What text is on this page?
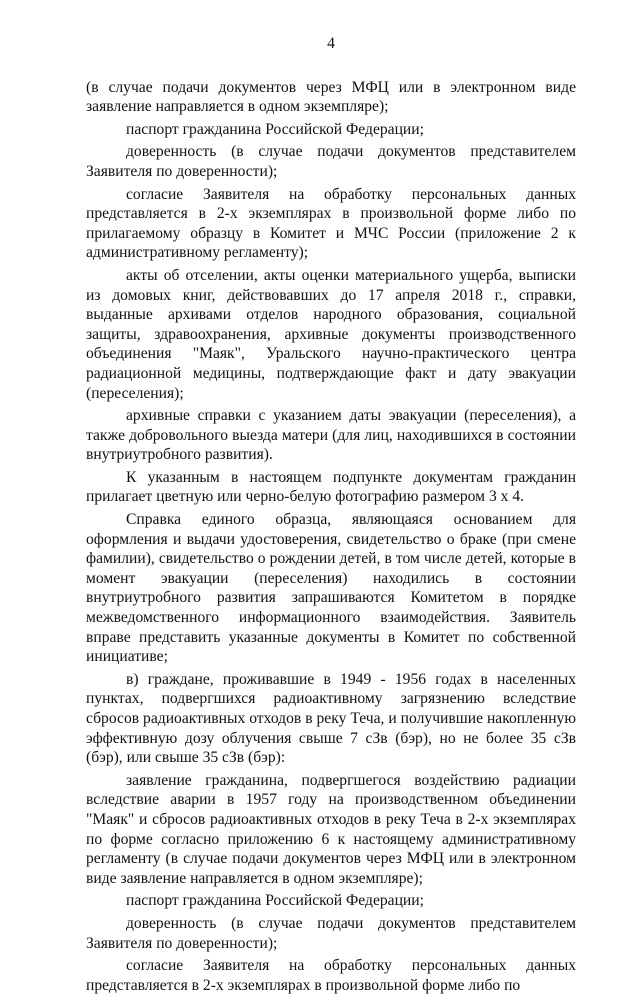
4

(в случае подачи документов через МФЦ или в электронном виде заявление направляется в одном экземпляре);

паспорт гражданина Российской Федерации;

доверенность (в случае подачи документов представителем Заявителя по доверенности);

согласие Заявителя на обработку персональных данных представляется в 2-х экземплярах в произвольной форме либо по прилагаемому образцу в Комитет и МЧС России (приложение 2 к административному регламенту);

акты об отселении, акты оценки материального ущерба, выписки из домовых книг, действовавших до 17 апреля 2018 г., справки, выданные архивами отделов народного образования, социальной защиты, здравоохранения, архивные документы производственного объединения "Маяк", Уральского научно-практического центра радиационной медицины, подтверждающие факт и дату эвакуации (переселения);

архивные справки с указанием даты эвакуации (переселения), а также добровольного выезда матери (для лиц, находившихся в состоянии внутриутробного развития).

К указанным в настоящем подпункте документам гражданин прилагает цветную или черно-белую фотографию размером 3 х 4.

Справка единого образца, являющаяся основанием для оформления и выдачи удостоверения, свидетельство о браке (при смене фамилии), свидетельство о рождении детей, в том числе детей, которые в момент эвакуации (переселения) находились в состоянии внутриутробного развития запрашиваются Комитетом в порядке межведомственного информационного взаимодействия. Заявитель вправе представить указанные документы в Комитет по собственной инициативе;

в) граждане, проживавшие в 1949 - 1956 годах в населенных пунктах, подвергшихся радиоактивному загрязнению вследствие сбросов радиоактивных отходов в реку Теча, и получившие накопленную эффективную дозу облучения свыше 7 сЗв (бэр), но не более 35 сЗв (бэр), или свыше 35 сЗв (бэр):

заявление гражданина, подвергшегося воздействию радиации вследствие аварии в 1957 году на производственном объединении "Маяк" и сбросов радиоактивных отходов в реку Теча в 2-х экземплярах по форме согласно приложению 6 к настоящему административному регламенту (в случае подачи документов через МФЦ или в электронном виде заявление направляется в одном экземпляре);

паспорт гражданина Российской Федерации;

доверенность (в случае подачи документов представителем Заявителя по доверенности);

согласие Заявителя на обработку персональных данных представляется в 2-х экземплярах в произвольной форме либо по
